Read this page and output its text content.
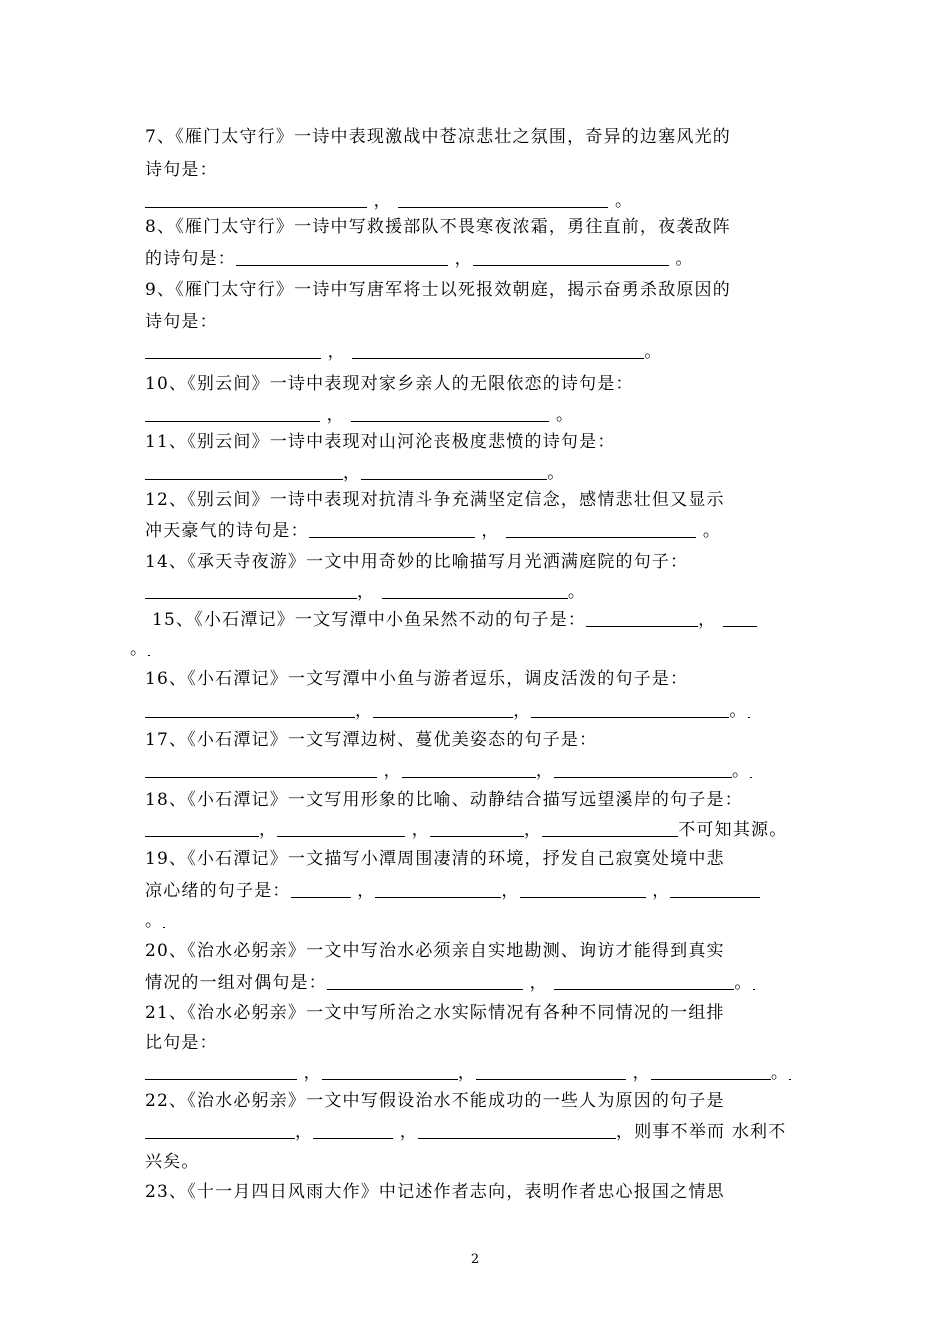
7、《雁门太守行》一诗中表现激战中苍凉悲壮之氛围，奇异的边塞风光的
诗句是：
，	。
8、《雁门太守行》一诗中写救援部队不畏寒夜浓霜，勇往直前，夜袭敌阵
的诗句是：	，	。
9、《雁门太守行》一诗中写唐军将士以死报效朝庭，揭示奋勇杀敌原因的
诗句是：
，	。
10、《别云间》一诗中表现对家乡亲人的无限依恋的诗句是：
，	。
11、《别云间》一诗中表现对山河沦丧极度悲愤的诗句是：
，	。
12、《别云间》一诗中表现对抗清斗争充满坚定信念，感情悲壮但又显示
冲天豪气的诗句是：	，	。
14、《承天寺夜游》一文中用奇妙的比喻描写月光洒满庭院的句子：
，	。
15、《小石潭记》一文写潭中小鱼呆然不动的句子是：	，
。
16、《小石潭记》一文写潭中小鱼与游者逗乐，调皮活泼的句子是：
，	，	。
17、《小石潭记》一文写潭边树、蔓优美姿态的句子是：
，	，	。
18、《小石潭记》一文写用形象的比喻、动静结合描写远望溪岸的句子是：
，	，	，	不可知其源。
19、《小石潭记》一文描写小潭周围凄清的环境，抒发自己寂寞处境中悲
凉心绪的句子是：	，	，	，
。
20、《治水必躬亲》一文中写治水必须亲自实地勘测、询访才能得到真实
情况的一组对偶句是：	，	。
21、《治水必躬亲》一文中写所治之水实际情况有各种不同情况的一组排
比句是：
，	，	，	。
22、《治水必躬亲》一文中写假设治水不能成功的一些人为原因的句子是
，	，	，则事不举而 水利不
兴矣。
23、《十一月四日风雨大作》中记述作者志向，表明作者忠心报国之情思
2
